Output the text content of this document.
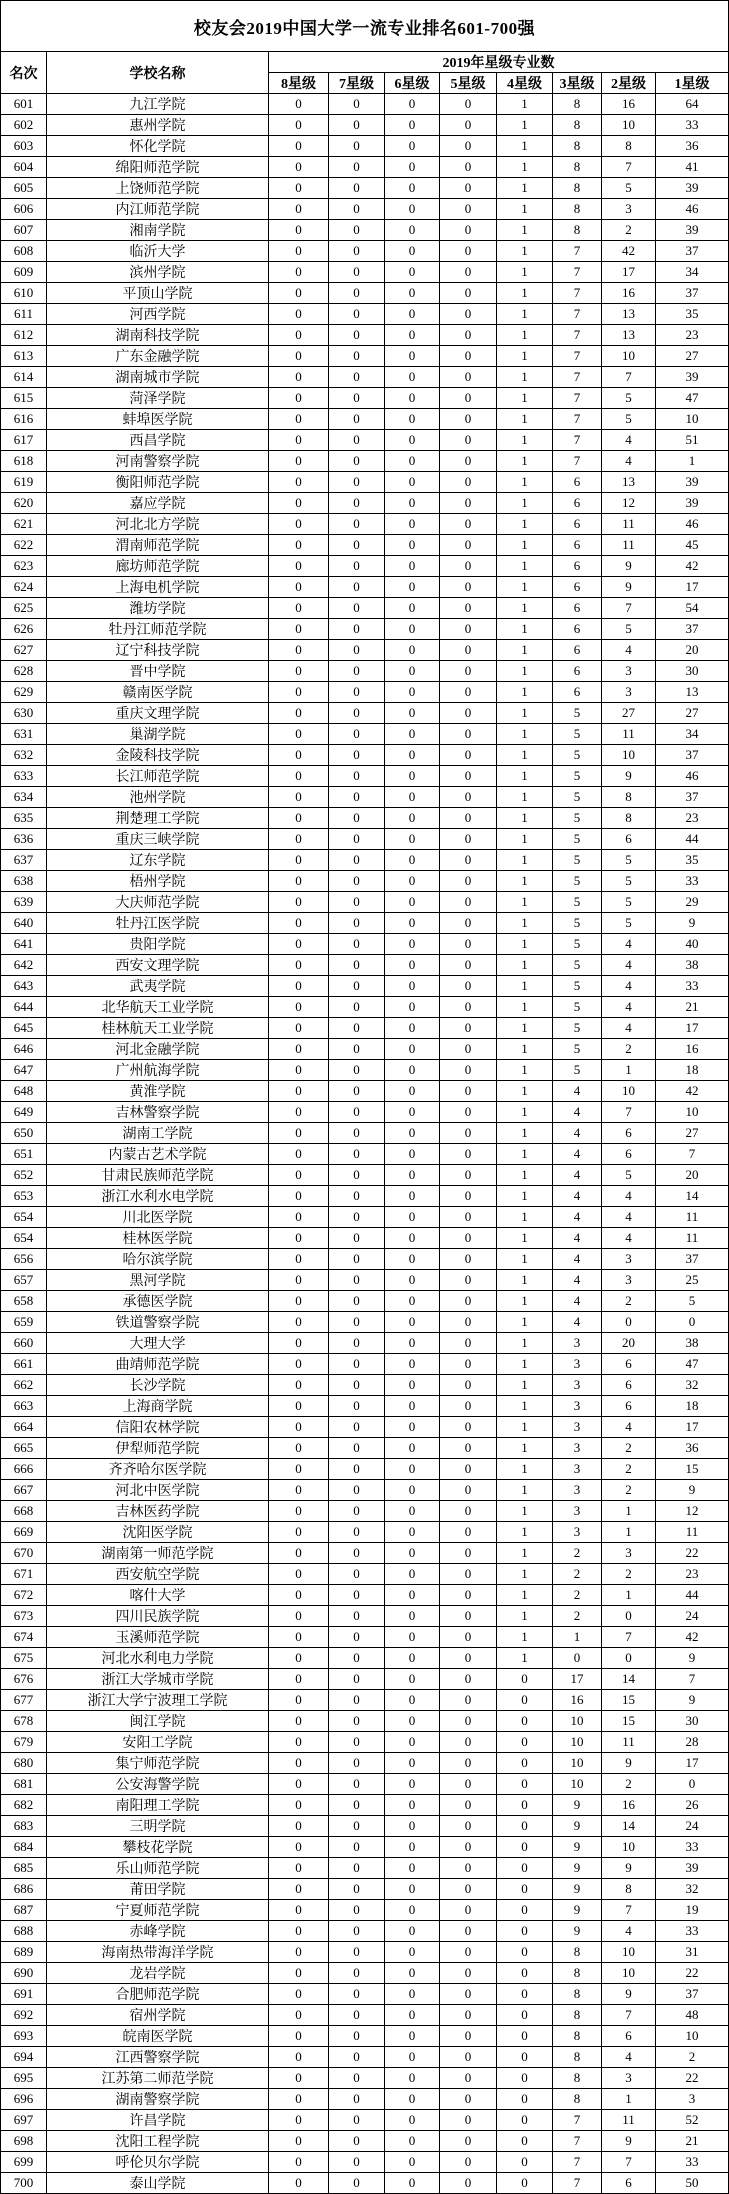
校友会2019中国大学一流专业排名601-700强									
名次	学校名称	2019年星级专业数							
		8星级	7星级	6星级	5星级	4星级	3星级	2星级	1星级
601	九江学院	0	0	0	0	1	8	16	64
602	惠州学院	0	0	0	0	1	8	10	33
603	怀化学院	0	0	0	0	1	8	8	36
604	绵阳师范学院	0	0	0	0	1	8	7	41
605	上饶师范学院	0	0	0	0	1	8	5	39
606	内江师范学院	0	0	0	0	1	8	3	46
607	湘南学院	0	0	0	0	1	8	2	39
608	临沂大学	0	0	0	0	1	7	42	37
609	滨州学院	0	0	0	0	1	7	17	34
610	平顶山学院	0	0	0	0	1	7	16	37
611	河西学院	0	0	0	0	1	7	13	35
612	湖南科技学院	0	0	0	0	1	7	13	23
613	广东金融学院	0	0	0	0	1	7	10	27
614	湖南城市学院	0	0	0	0	1	7	7	39
615	菏泽学院	0	0	0	0	1	7	5	47
616	蚌埠医学院	0	0	0	0	1	7	5	10
617	西昌学院	0	0	0	0	1	7	4	51
618	河南警察学院	0	0	0	0	1	7	4	1
619	衡阳师范学院	0	0	0	0	1	6	13	39
620	嘉应学院	0	0	0	0	1	6	12	39
621	河北北方学院	0	0	0	0	1	6	11	46
622	渭南师范学院	0	0	0	0	1	6	11	45
623	廊坊师范学院	0	0	0	0	1	6	9	42
624	上海电机学院	0	0	0	0	1	6	9	17
625	潍坊学院	0	0	0	0	1	6	7	54
626	牡丹江师范学院	0	0	0	0	1	6	5	37
627	辽宁科技学院	0	0	0	0	1	6	4	20
628	晋中学院	0	0	0	0	1	6	3	30
629	赣南医学院	0	0	0	0	1	6	3	13
630	重庆文理学院	0	0	0	0	1	5	27	27
631	巢湖学院	0	0	0	0	1	5	11	34
632	金陵科技学院	0	0	0	0	1	5	10	37
633	长江师范学院	0	0	0	0	1	5	9	46
634	池州学院	0	0	0	0	1	5	8	37
635	荆楚理工学院	0	0	0	0	1	5	8	23
636	重庆三峡学院	0	0	0	0	1	5	6	44
637	辽东学院	0	0	0	0	1	5	5	35
638	梧州学院	0	0	0	0	1	5	5	33
639	大庆师范学院	0	0	0	0	1	5	5	29
640	牡丹江医学院	0	0	0	0	1	5	5	9
641	贵阳学院	0	0	0	0	1	5	4	40
642	西安文理学院	0	0	0	0	1	5	4	38
643	武夷学院	0	0	0	0	1	5	4	33
644	北华航天工业学院	0	0	0	0	1	5	4	21
645	桂林航天工业学院	0	0	0	0	1	5	4	17
646	河北金融学院	0	0	0	0	1	5	2	16
647	广州航海学院	0	0	0	0	1	5	1	18
648	黄淮学院	0	0	0	0	1	4	10	42
649	吉林警察学院	0	0	0	0	1	4	7	10
650	湖南工学院	0	0	0	0	1	4	6	27
651	内蒙古艺术学院	0	0	0	0	1	4	6	7
652	甘肃民族师范学院	0	0	0	0	1	4	5	20
653	浙江水利水电学院	0	0	0	0	1	4	4	14
654	川北医学院	0	0	0	0	1	4	4	11
654	桂林医学院	0	0	0	0	1	4	4	11
656	哈尔滨学院	0	0	0	0	1	4	3	37
657	黑河学院	0	0	0	0	1	4	3	25
658	承德医学院	0	0	0	0	1	4	2	5
659	铁道警察学院	0	0	0	0	1	4	0	0
660	大理大学	0	0	0	0	1	3	20	38
661	曲靖师范学院	0	0	0	0	1	3	6	47
662	长沙学院	0	0	0	0	1	3	6	32
663	上海商学院	0	0	0	0	1	3	6	18
664	信阳农林学院	0	0	0	0	1	3	4	17
665	伊犁师范学院	0	0	0	0	1	3	2	36
666	齐齐哈尔医学院	0	0	0	0	1	3	2	15
667	河北中医学院	0	0	0	0	1	3	2	9
668	吉林医药学院	0	0	0	0	1	3	1	12
669	沈阳医学院	0	0	0	0	1	3	1	11
670	湖南第一师范学院	0	0	0	0	1	2	3	22
671	西安航空学院	0	0	0	0	1	2	2	23
672	喀什大学	0	0	0	0	1	2	1	44
673	四川民族学院	0	0	0	0	1	2	0	24
674	玉溪师范学院	0	0	0	0	1	1	7	42
675	河北水利电力学院	0	0	0	0	1	0	0	9
676	浙江大学城市学院	0	0	0	0	0	17	14	7
677	浙江大学宁波理工学院	0	0	0	0	0	16	15	9
678	闽江学院	0	0	0	0	0	10	15	30
679	安阳工学院	0	0	0	0	0	10	11	28
680	集宁师范学院	0	0	0	0	0	10	9	17
681	公安海警学院	0	0	0	0	0	10	2	0
682	南阳理工学院	0	0	0	0	0	9	16	26
683	三明学院	0	0	0	0	0	9	14	24
684	攀枝花学院	0	0	0	0	0	9	10	33
685	乐山师范学院	0	0	0	0	0	9	9	39
686	莆田学院	0	0	0	0	0	9	8	32
687	宁夏师范学院	0	0	0	0	0	9	7	19
688	赤峰学院	0	0	0	0	0	9	4	33
689	海南热带海洋学院	0	0	0	0	0	8	10	31
690	龙岩学院	0	0	0	0	0	8	10	22
691	合肥师范学院	0	0	0	0	0	8	9	37
692	宿州学院	0	0	0	0	0	8	7	48
693	皖南医学院	0	0	0	0	0	8	6	10
694	江西警察学院	0	0	0	0	0	8	4	2
695	江苏第二师范学院	0	0	0	0	0	8	3	22
696	湖南警察学院	0	0	0	0	0	8	1	3
697	许昌学院	0	0	0	0	0	7	11	52
698	沈阳工程学院	0	0	0	0	0	7	9	21
699	呼伦贝尔学院	0	0	0	0	0	7	7	33
700	泰山学院	0	0	0	0	0	7	6	50
